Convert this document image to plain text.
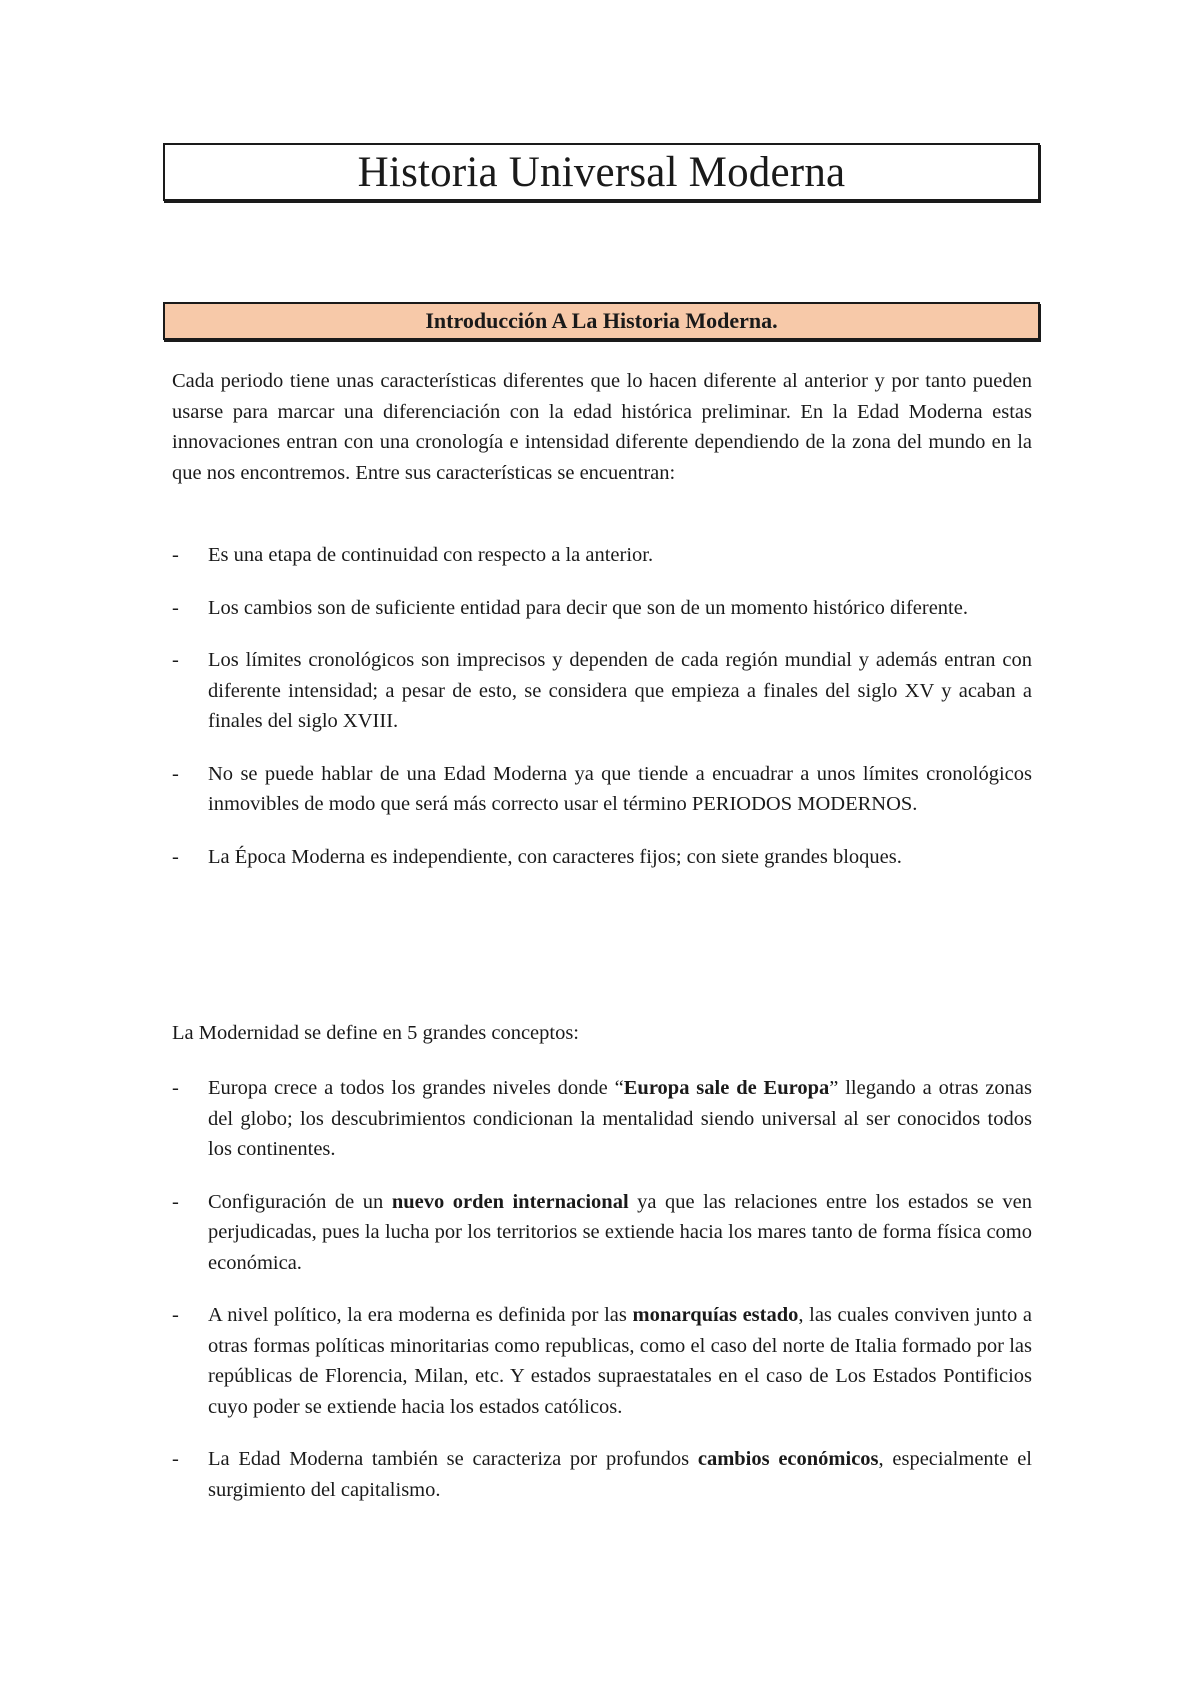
Historia Universal Moderna
Introducción A La Historia Moderna.
Cada periodo tiene unas características diferentes que lo hacen diferente al anterior y por tanto pueden usarse para marcar una diferenciación con la edad histórica preliminar. En la Edad Moderna estas innovaciones entran con una cronología e intensidad diferente dependiendo de la zona del mundo en la que nos encontremos. Entre sus características se encuentran:
- Es una etapa de continuidad con respecto a la anterior.
- Los cambios son de suficiente entidad para decir que son de un momento histórico diferente.
- Los límites cronológicos son imprecisos y dependen de cada región mundial y además entran con diferente intensidad; a pesar de esto, se considera que empieza a finales del siglo XV y acaban a finales del siglo XVIII.
- No se puede hablar de una Edad Moderna ya que tiende a encuadrar a unos límites cronológicos inmovibles de modo que será más correcto usar el término PERIODOS MODERNOS.
- La Época Moderna es independiente, con caracteres fijos; con siete grandes bloques.
La Modernidad se define en 5 grandes conceptos:
- Europa crece a todos los grandes niveles donde “Europa sale de Europa” llegando a otras zonas del globo; los descubrimientos condicionan la mentalidad siendo universal al ser conocidos todos los continentes.
- Configuración de un nuevo orden internacional ya que las relaciones entre los estados se ven perjudicadas, pues la lucha por los territorios se extiende hacia los mares tanto de forma física como económica.
- A nivel político, la era moderna es definida por las monarquías estado, las cuales conviven junto a otras formas políticas minoritarias como republicas, como el caso del norte de Italia formado por las repúblicas de Florencia, Milan, etc. Y estados supraestatales en el caso de Los Estados Pontificios cuyo poder se extiende hacia los estados católicos.
- La Edad Moderna también se caracteriza por profundos cambios económicos, especialmente el surgimiento del capitalismo.
